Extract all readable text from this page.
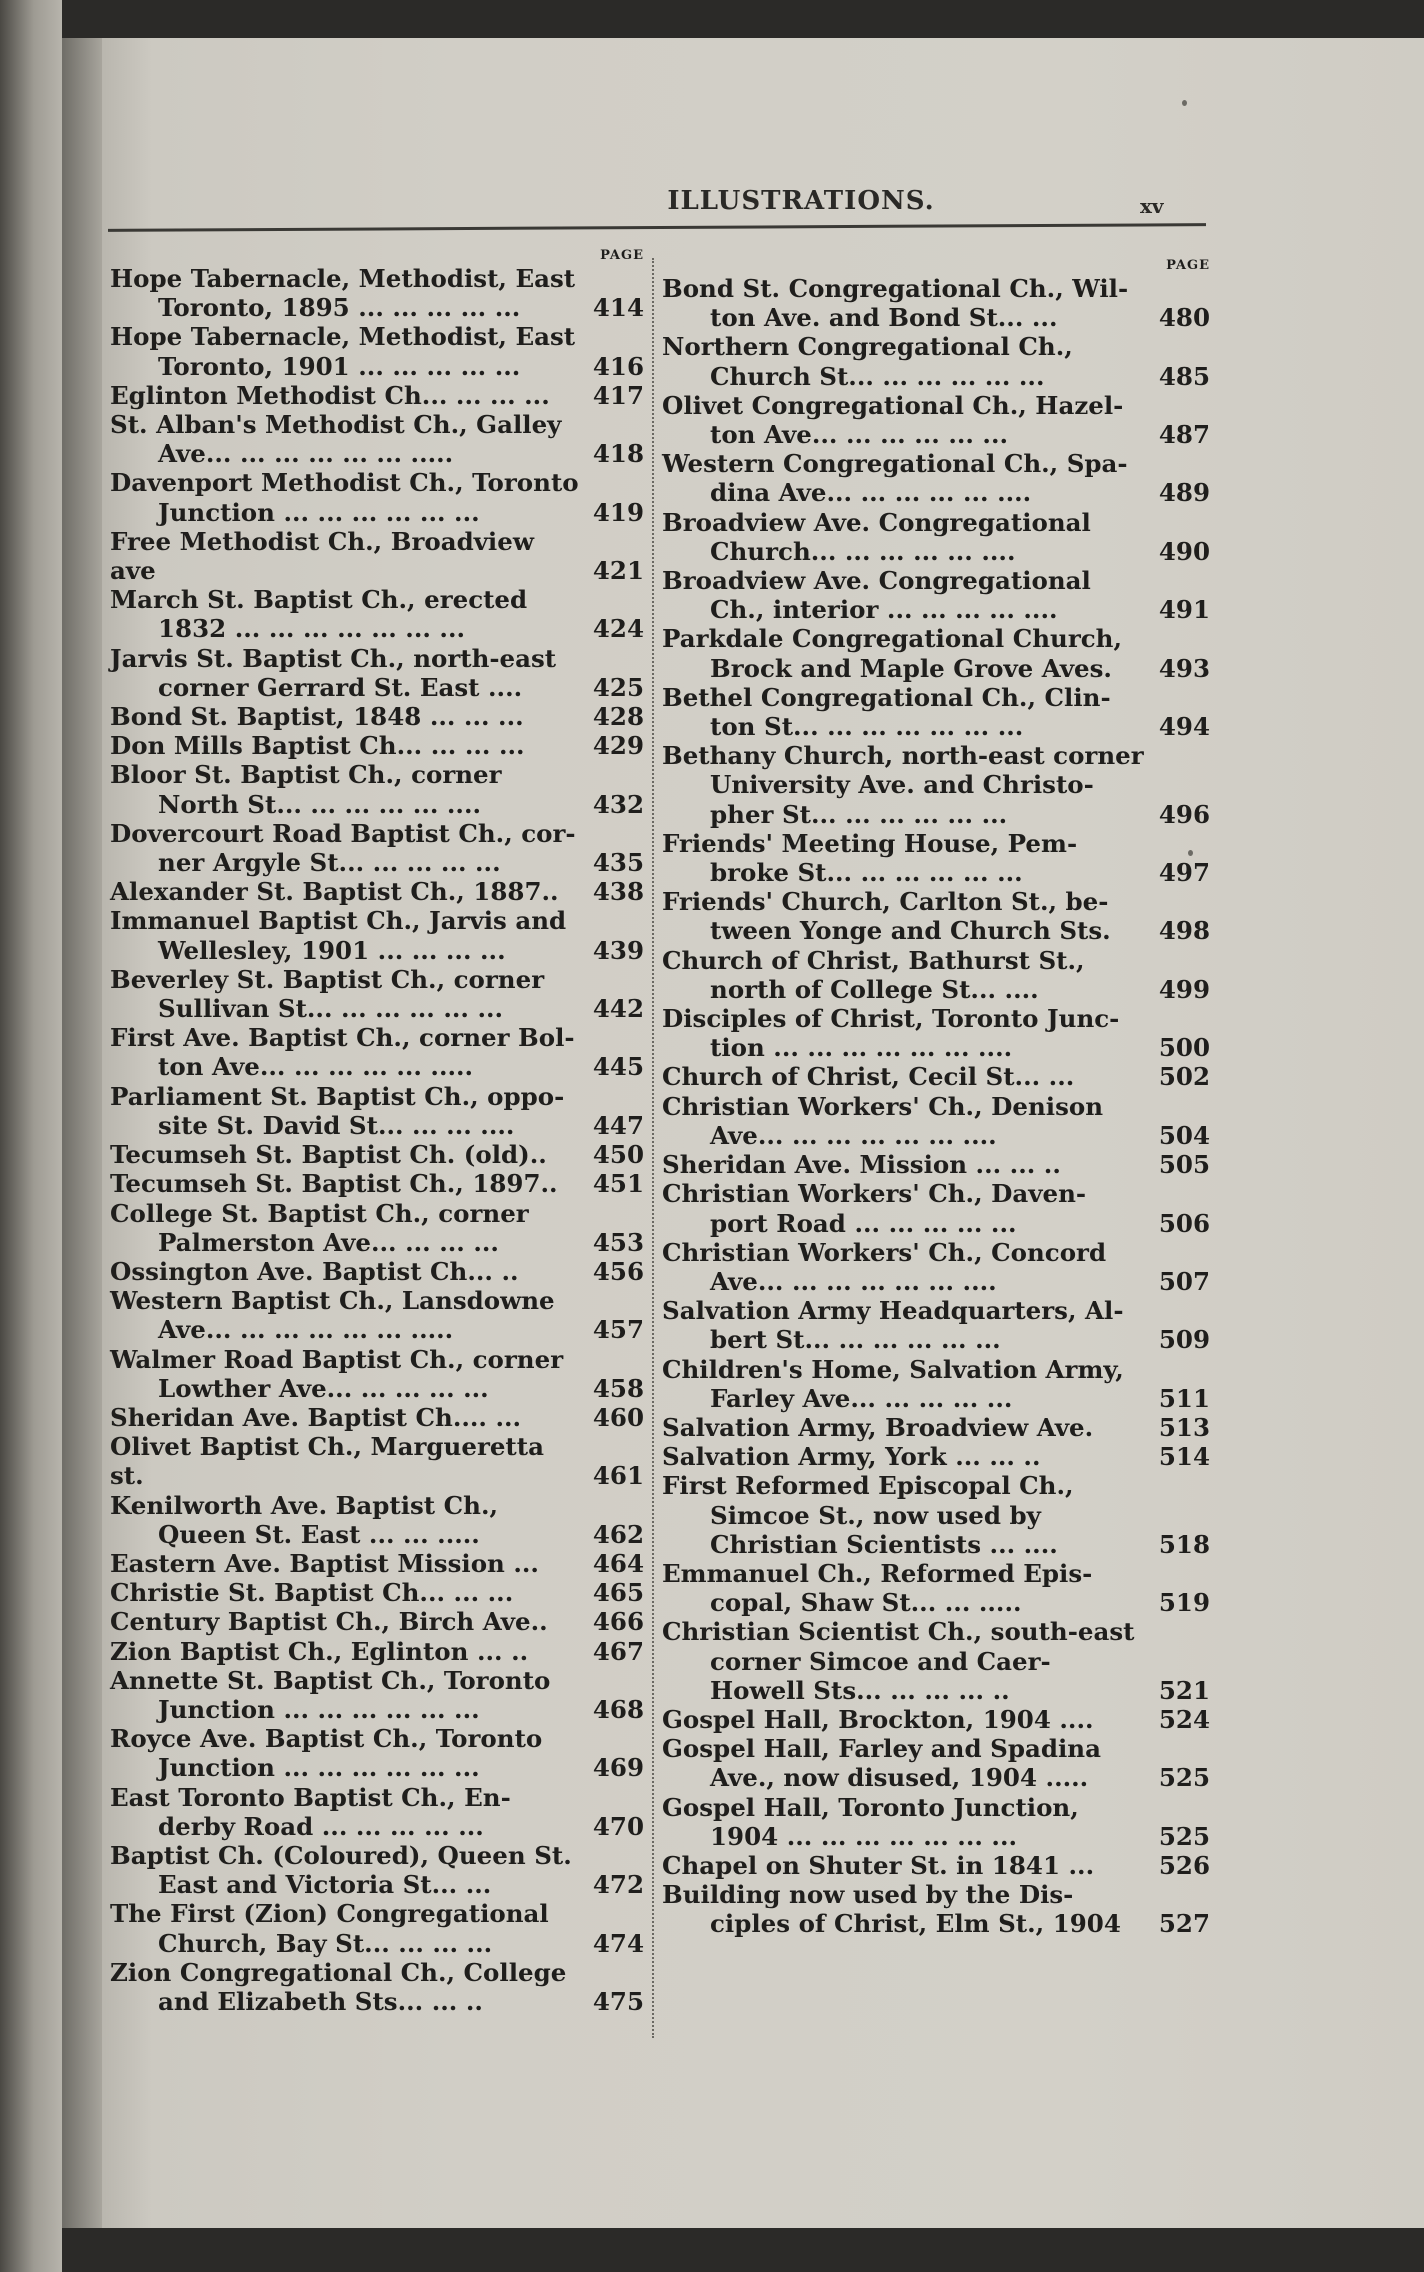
ILLUSTRATIONS.	xv
PAGE
Hope Tabernacle, Methodist, East
Toronto, 1895 ... ... ... ... ...	414
Hope Tabernacle, Methodist, East
Toronto, 1901 ... ... ... ... ...	416
Eglinton Methodist Ch... ... ... ...	417
St. Alban's Methodist Ch., Galley
Ave... ... ... ... ... ... .....	418
Davenport Methodist Ch., Toronto
Junction ... ... ... ... ... ...	419
Free Methodist Ch., Broadview ave	421
March St. Baptist Ch., erected
1832 ... ... ... ... ... ... ...	424
Jarvis St. Baptist Ch., north-east
corner Gerrard St. East ....	425
Bond St. Baptist, 1848 ... ... ...	428
Don Mills Baptist Ch... ... ... ...	429
Bloor St. Baptist Ch., corner
North St... ... ... ... ... ....	432
Dovercourt Road Baptist Ch., cor-
ner Argyle St... ... ... ... ...	435
Alexander St. Baptist Ch., 1887..	438
Immanuel Baptist Ch., Jarvis and
Wellesley, 1901 ... ... ... ...	439
Beverley St. Baptist Ch., corner
Sullivan St... ... ... ... ... ...	442
First Ave. Baptist Ch., corner Bol-
ton Ave... ... ... ... ... .....	445
Parliament St. Baptist Ch., oppo-
site St. David St... ... ... ....	447
Tecumseh St. Baptist Ch. (old)..	450
Tecumseh St. Baptist Ch., 1897..	451
College St. Baptist Ch., corner
Palmerston Ave... ... ... ...	453
Ossington Ave. Baptist Ch... ..	456
Western Baptist Ch., Lansdowne
Ave... ... ... ... ... ... .....	457
Walmer Road Baptist Ch., corner
Lowther Ave... ... ... ... ...	458
Sheridan Ave. Baptist Ch.... ...	460
Olivet Baptist Ch., Margueretta st.	461
Kenilworth Ave. Baptist Ch.,
Queen St. East ... ... .....	462
Eastern Ave. Baptist Mission ...	464
Christie St. Baptist Ch... ... ...	465
Century Baptist Ch., Birch Ave..	466
Zion Baptist Ch., Eglinton ... ..	467
Annette St. Baptist Ch., Toronto
Junction ... ... ... ... ... ...	468
Royce Ave. Baptist Ch., Toronto
Junction ... ... ... ... ... ...	469
East Toronto Baptist Ch., En-
derby Road ... ... ... ... ...	470
Baptist Ch. (Coloured), Queen St.
East and Victoria St... ...	472
The First (Zion) Congregational
Church, Bay St... ... ... ...	474
Zion Congregational Ch., College
and Elizabeth Sts... ... ..	475
PAGE
Bond St. Congregational Ch., Wil-
ton Ave. and Bond St... ...	480
Northern Congregational Ch.,
Church St... ... ... ... ... ...	485
Olivet Congregational Ch., Hazel-
ton Ave... ... ... ... ... ...	487
Western Congregational Ch., Spa-
dina Ave... ... ... ... ... ....	489
Broadview Ave. Congregational
Church... ... ... ... ... ....	490
Broadview Ave. Congregational
Ch., interior ... ... ... ... ....	491
Parkdale Congregational Church,
Brock and Maple Grove Aves.	493
Bethel Congregational Ch., Clin-
ton St... ... ... ... ... ... ...	494
Bethany Church, north-east corner
University Ave. and Christo-
pher St... ... ... ... ... ...	496
Friends' Meeting House, Pem-
broke St... ... ... ... ... ...	497
Friends' Church, Carlton St., be-
tween Yonge and Church Sts.	498
Church of Christ, Bathurst St.,
north of College St... ....	499
Disciples of Christ, Toronto Junc-
tion ... ... ... ... ... ... ....	500
Church of Christ, Cecil St... ...	502
Christian Workers' Ch., Denison
Ave... ... ... ... ... ... ....	504
Sheridan Ave. Mission ... ... ..	505
Christian Workers' Ch., Daven-
port Road ... ... ... ... ...	506
Christian Workers' Ch., Concord
Ave... ... ... ... ... ... ....	507
Salvation Army Headquarters, Al-
bert St... ... ... ... ... ...	509
Children's Home, Salvation Army,
Farley Ave... ... ... ... ...	511
Salvation Army, Broadview Ave.	513
Salvation Army, York ... ... ..	514
First Reformed Episcopal Ch.,
Simcoe St., now used by
Christian Scientists ... ....	518
Emmanuel Ch., Reformed Epis-
copal, Shaw St... ... .....	519
Christian Scientist Ch., south-east
corner Simcoe and Caer-
Howell Sts... ... ... ... ..	521
Gospel Hall, Brockton, 1904 ....	524
Gospel Hall, Farley and Spadina
Ave., now disused, 1904 .....	525
Gospel Hall, Toronto Junction,
1904 ... ... ... ... ... ... ...	525
Chapel on Shuter St. in 1841 ...	526
Building now used by the Dis-
ciples of Christ, Elm St., 1904	527
